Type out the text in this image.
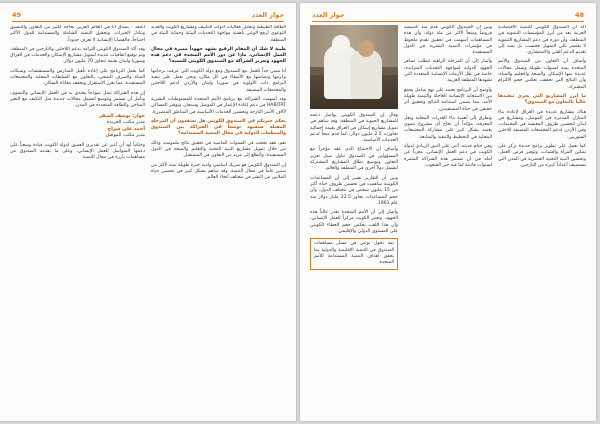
حوار العدد
49

الطاقة الطبيعية وتحليل فعاليات أدوات التكييف ومشاريع الكويت والعديد التوعوي لرفع الوعي بأهمية مواجهة التحديات البيئية وحماية البيئة في المنطقة.

طيبة لا شك أن المقام الرفيع يشهد جهوداً مميزة في مجال العمل الإنساني، ماذا عن دور الأمم المتحدة في دعم هذه الجهود وتعزيز الشراكة مع الصندوق الكويتي للتنمية؟

أنا ممتن جداً للعمل مع الصندوق ومع دولة الكويت التي عرفت برحابتها وكرمها وتضامنها مع الأشقاء في كل مكان، ونحن نعمل على تنفيذ البرامج ذات الأولوية في سوريا ولبنان والأردن لدعم اللاجئين والمجتمعات المضيفة.

وقد أسهمت الشراكة مع برنامج الأمم المتحدة للمستوطنات البشرية HABITAT في دعم إعادة الإعمار في الموصل وسنجار، وتوفير المساكن لآلاف الأسر النازحة وتحسين الخدمات الأساسية في المناطق المتضررة.

بحكم خبرتكم في الصندوق الكويتي هل تعتقدون أن المرحلة المقبلة ستشهد توسعاً في الشراكة بين الصندوق والمنظمات الدولية في مجال التنمية المستدامة؟

نعم، فقد نجحت في السنوات الماضية في تحقيق نتائج ملموسة، وذلك من خلال تمويل مشاريع البنية التحتية والتعليم والصحة في الدول المستفيدة، وأتطلع إلى مزيد من التعاون في المستقبل.

إن الصندوق الكويتي هو شريك أساسي ولديه خبرة طويلة تمتد لأكثر من ستين عاماً في مجال التنمية، وقد ساهم بشكل كبير في تحسين حياة الملايين من البشر في مختلف أنحاء العالم.

أعتقد - بصدق أنا في العالم العربي بحاجة لكثير من التعاون والتنسيق وتبادل الخبرات، وتحقيق التنمية الشاملة والمستدامة للدول الأكثر احتياجاً، فالقضايا الإنسانية لا تعرف حدوداً.

وقد أكد الصندوق الكويتي التزامه بدعم اللاجئين والنازحين في المنطقة، وتم توقيع اتفاقيات عديدة لتمويل مشاريع الإسكان والخدمات في العراق وسوريا ولبنان بقيمة تتجاوز 70 مليون دولار.

كما يعمل البرنامج على إعادة تأهيل المدارس والمستشفيات وشبكات المياه والصرف الصحي، بالتعاون مع السلطات المحلية والمجتمعات المستفيدة، مما يعزز الاستقرار ويخفف معاناة السكان.

إن هذه الشراكة تمثل نموذجاً يحتذى به في العمل الإنساني والتنموي، ونأمل أن تستمر وتتوسع لتشمل مجالات جديدة مثل التكيف مع التغير المناخي والطاقة المتجددة في المدن.

حوار: يوسف الصقر
مدير مكتب الجريدة
أحمد علي شراح
مدير مكتب الموصل

وختاماً أود أن أعبر عن تقديري العميق لدولة الكويت قيادة وشعباً على دعمها المتواصل للعمل الإنساني، وعلى ما يقدمه الصندوق من مساهمات بارزة في مجال التنمية.

48
حوار العدد

أكد أن الصندوق الكويتي للتنمية الاقتصادية العربية يعد من أبرز المؤسسات التنموية في المنطقة، وأن دوره في دعم المشاريع التنموية لا يقتصر على التمويل فحسب، بل يمتد إلى تقديم الدعم الفني والاستشاري.

وأضاف أن التعاون بين الصندوق والأمم المتحدة يمتد لسنوات طويلة وشمل مجالات عديدة منها الإسكان والصحة والتعليم والمياه، وأن النتائج التي تحققت تعكس حجم الالتزام المشترك.

ما أبرز المشاريع التي يجري تنفيذها حالياً بالتعاون مع الصندوق؟

هناك مشاريع عديدة في العراق لإعادة بناء المنازل المدمرة في الموصل، ومشاريع في لبنان لتحسين ظروف المعيشة في المخيمات، وفي الأردن لدعم المجتمعات المضيفة للاجئين السوريين.

كما نعمل على تطوير برامج جديدة تركز على تمكين المرأة والشباب، وتوفير فرص العمل، وتحسين البنية التحتية الحضرية في المدن التي تستضيف أعداداً كبيرة من النازحين.

وبين أن الصندوق الكويتي قدم منذ تأسيسه قروضاً ومنحاً لأكثر من مئة دولة، وأن هذه المساهمات أسهمت في تحقيق تقدم ملحوظ في مؤشرات التنمية البشرية في الدول المستفيدة.

وأشار إلى أن المرحلة الراهنة تتطلب تضافر الجهود الدولية لمواجهة التحديات المتزايدة، خاصة في ظل الأزمات الإنسانية المتعددة التي تشهدها المنطقة العربية.

وأوضح أن البرنامج يعتمد على نهج شامل يجمع بين الاستجابة الإنسانية العاجلة والتنمية طويلة الأمد، مما يضمن استدامة النتائج وتحقيق أثر حقيقي في حياة المستفيدين.

وتطرق إلى أهمية بناء القدرات المحلية ونقل المعرفة، مؤكداً أن نجاح أي مشروع تنموي يعتمد بشكل كبير على مشاركة المجتمعات المحلية في التخطيط والتنفيذ والمتابعة.

وفي ختام حديثه، أثنى على الدور الريادي لدولة الكويت في دعم العمل الإنساني، معرباً عن أمله في أن تستمر هذه الشراكة المثمرة لسنوات قادمة لما فيه خير الشعوب.

وقال إن الصندوق الكويتي يواصل دعمه للمشاريع الحيوية في المنطقة، وقد ساهم في تمويل مشاريع إسكان في العراق بقيمة إجمالية تجاوزت 2.5 مليون دولار، كما قدم منحاً لدعم الخدمات الأساسية.

وأضاف أن الاجتماع الذي عقد مؤخراً مع المسؤولين في الصندوق تناول سبل تعزيز التعاون وتوسيع نطاق المشاريع المشتركة لتشمل دولاً أخرى في المنطقة والعالم.

وبين أن التقارير تشير إلى أن المساعدات الكويتية ساهمت في تحسين ظروف حياة أكثر من 15 مليون شخص في مختلف الدول، وأن حجم المساعدات تجاوز 22.5 مليار دولار منذ عام 1961.

وأشار إلى أن الأمم المتحدة تقدر عالياً هذه الجهود، وتعتبر الكويت مركزاً للعمل الإنساني، وأن هذا اللقب يعكس حجم العطاء الكويتي على المستوى الدولي والإقليمي.

ثمة تحول نوعي في مسار مساهمات الصندوق في التنمية الإقليمية والدولية بما يحقق أهداف التنمية المستدامة للأمم المتحدة.
